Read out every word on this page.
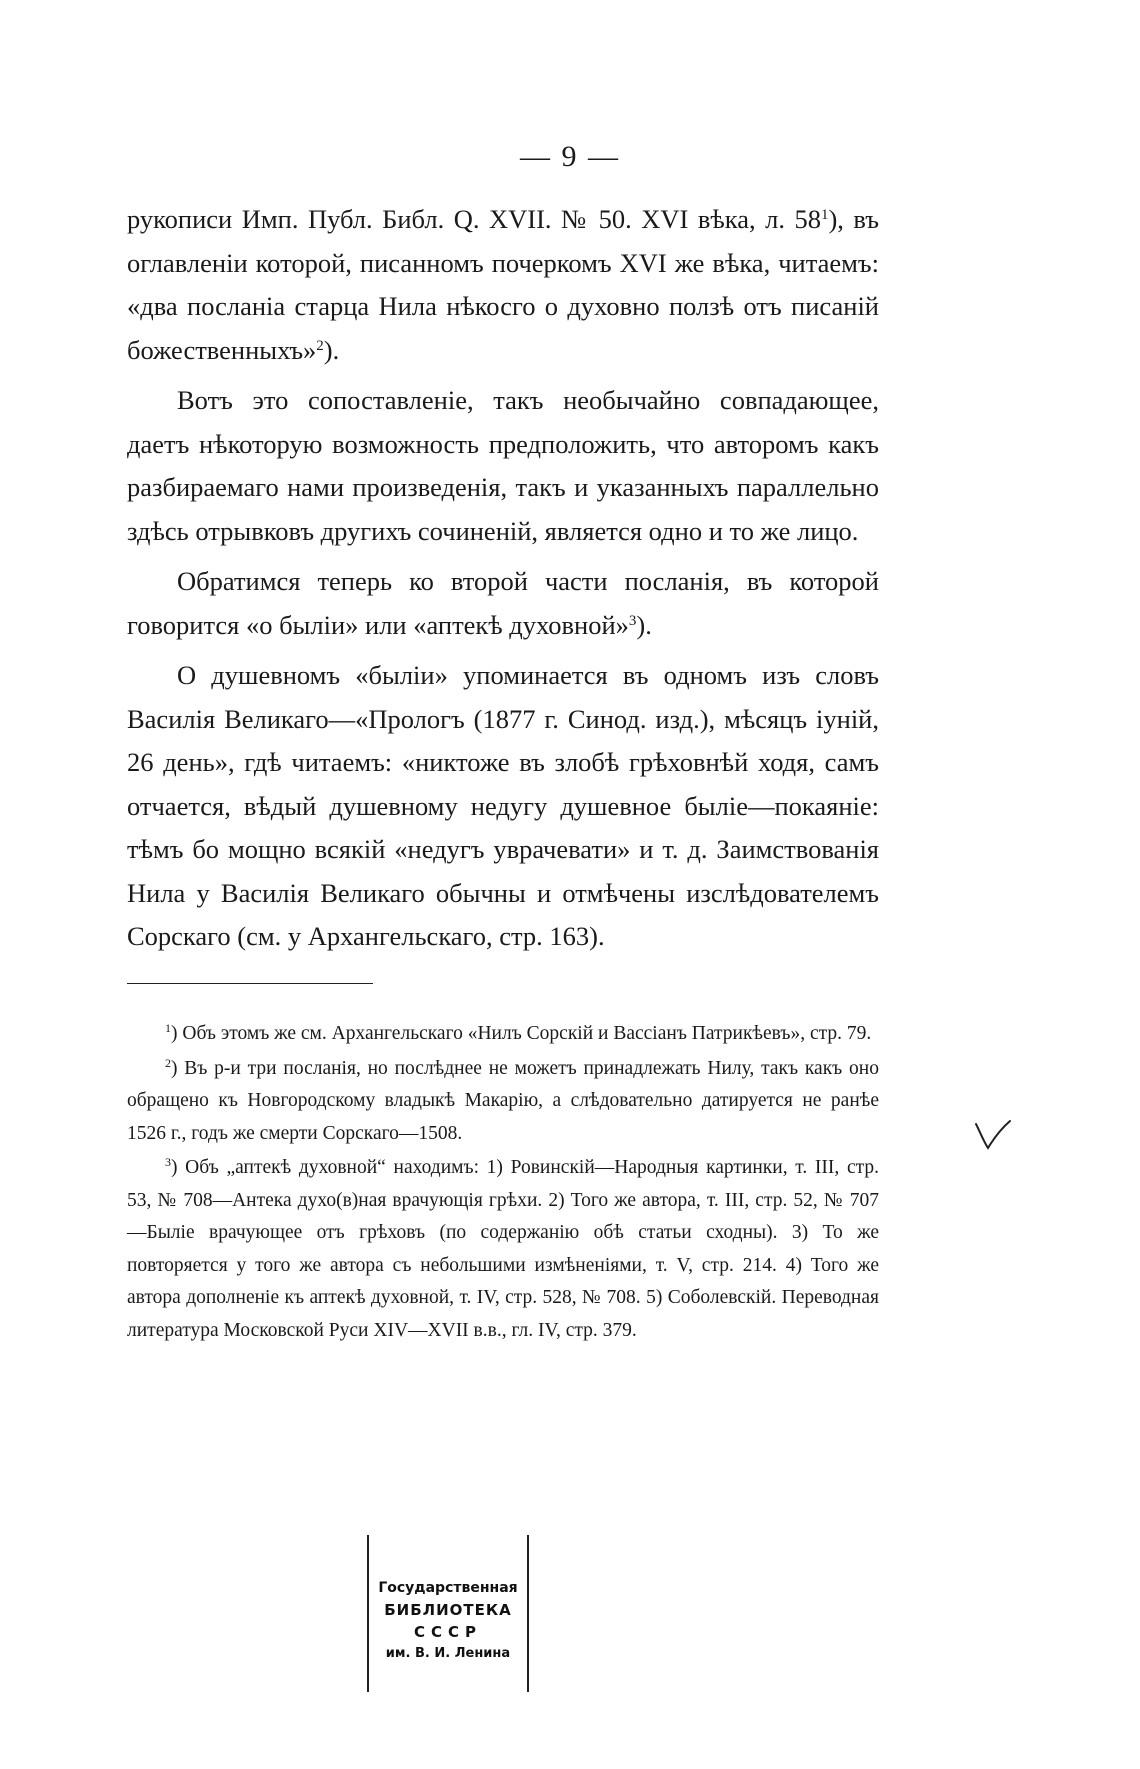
— 9 —

рукописи Имп. Публ. Библ. Q. XVII. № 50. XVI вѣка, л. $58^1$), въ оглавленіи которой, писанномъ почеркомъ XVI же вѣка, читаемъ: «два посланіа старца Нила нѣкосго о духовно ползѣ отъ писаній божественныхъ»$^2$).

Вотъ это сопоставленіе, такъ необычайно совпадающее, даетъ нѣкоторую возможность предположить, что авторомъ какъ разбираемаго нами произведенія, такъ и указанныхъ параллельно здѣсь отрывковъ другихъ сочиненій, является одно и то же лицо.

Обратимся теперь ко второй части посланія, въ которой говорится «о быліи» или «аптекѣ духовной»$^3$).

О душевномъ «быліи» упоминается въ одномъ изъ словъ Василія Великаго—«Прологъ (1877 г. Синод. изд.), мѣсяцъ іуній, 26 день», гдѣ читаемъ: «никтоже въ злобѣ грѣховнѣй ходя, самъ отчается, вѣдый душевному недугу душевное быліе—покаяніе: тѣмъ бо мощно всякій «недугъ уврачевати» и т. д. Заимствованія Нила у Василія Великаго обычны и отмѣчены изслѣдователемъ Сорскаго (см. у Архангельскаго, стр. 163).

$^1$) Объ этомъ же см. Архангельскаго «Нилъ Сорскій и Вассіанъ Патрикѣевъ», стр. 79.

$^2$) Въ р-и три посланія, но послѣднее не можетъ принадлежать Нилу, такъ какъ оно обращено къ Новгородскому владыкѣ Макарію, а слѣдовательно датируется не ранѣе 1526 г., годъ же смерти Сорскаго—1508.

$^3$) Объ „аптекѣ духовной“ находимъ: 1) Ровинскій—Народныя картинки, т. III, стр. 53, № 708—Антека духо(в)ная врачующія грѣхи. 2) Того же автора, т. III, стр. 52, № 707 —Быліе врачующее отъ грѣховъ (по содержанію обѣ статьи сходны). 3) То же повторяется у того же автора съ небольшими измѣненіями, т. V, стр. 214. 4) Того же автора дополненіе къ аптекѣ духовной, т. IV, стр. 528, № 708. 5) Соболевскій. Переводная литература Московской Руси XIV—XVII в.в., гл. IV, стр. 379.

Государственная
БИБЛИОТЕКА
СССР
им. В. И. Ленина
